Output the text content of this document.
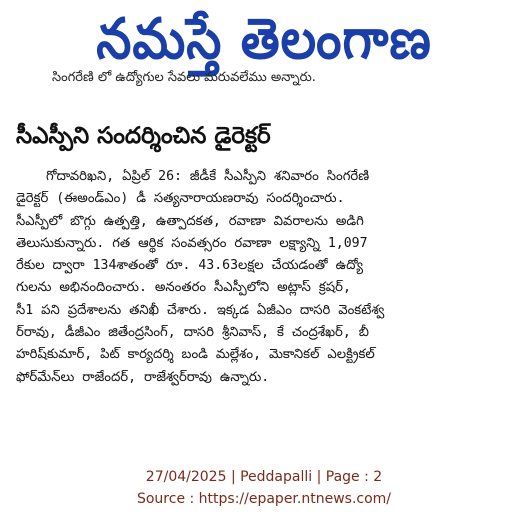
నమస్తే తెలంగాణ
సింగరేణి లో ఉద్యోగుల సేవలు మరువలేము అన్నారు.
సీఎస్పీని సందర్శించిన డైరెక్టర్
గోదావరిఖని, ఏప్రిల్ 26: జీడీకే సీఎస్పీని శనివారం సింగరేణి
డైరెక్టర్ (ఈఅండ్ఎం) డీ సత్యనారాయణరావు సందర్శించారు.
సీఎస్పీలో బొగ్గు ఉత్పత్తి, ఉత్పాదకత, రవాణా వివరాలను అడిగి
తెలుసుకున్నారు. గత ఆర్థిక సంవత్సరం రవాణా లక్ష్యాన్ని 1,097
రేకుల ద్వారా 134శాతంతో రూ. 43.63లక్షల చేయడంతో ఉద్యో
గులను అభినందించారు. అనంతరం సీఎస్పీలోని అట్లాస్ క్రషర్,
సీ1 పని ప్రదేశాలను తనిఖీ చేశారు. ఇక్కడ ఏజీఎం దాసరి వెంకటేశ్వ
ర్‌రావు, డీజీఎం జితేంద్రసింగ్, దాసరి శ్రీనివాస్, కే చంద్రశేఖర్, బీ
హరిష్‌కుమార్, పిట్ కార్యదర్శి బండి మల్లేశం, మెకానికల్ ఎలక్ట్రికల్
ఫోర్‌మేన్‌లు రాజేందర్, రాజేశ్వర్‌రావు ఉన్నారు.
27/04/2025 | Peddapalli | Page : 2
Source : https://epaper.ntnews.com/
